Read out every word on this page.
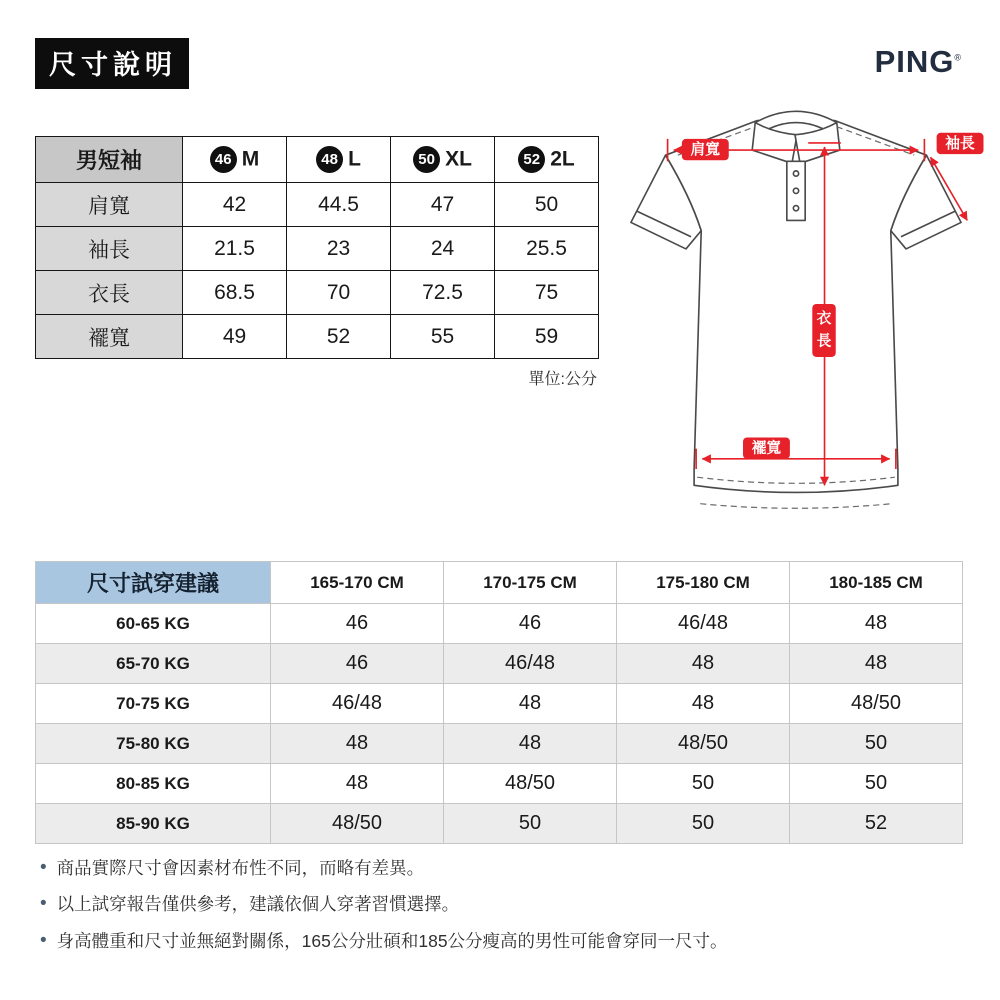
尺寸說明	PING®
男短袖	46 M	48 L	50 XL	52 2L
肩寬	42	44.5	47	50
袖長	21.5	23	24	25.5
衣長	68.5	70	72.5	75
襬寬	49	52	55	59
單位:公分
肩寬	袖長
衣
長
襬寬
尺寸試穿建議	165-170 CM	170-175 CM	175-180 CM	180-185 CM
60-65 KG	46	46	46/48	48
65-70 KG	46	46/48	48	48
70-75 KG	46/48	48	48	48/50
75-80 KG	48	48	48/50	50
80-85 KG	48	48/50	50	50
85-90 KG	48/50	50	50	52
• 商品實際尺寸會因素材布性不同，而略有差異。
• 以上試穿報告僅供參考，建議依個人穿著習慣選擇。
• 身高體重和尺寸並無絕對關係，165公分壯碩和185公分瘦高的男性可能會穿同一尺寸。
